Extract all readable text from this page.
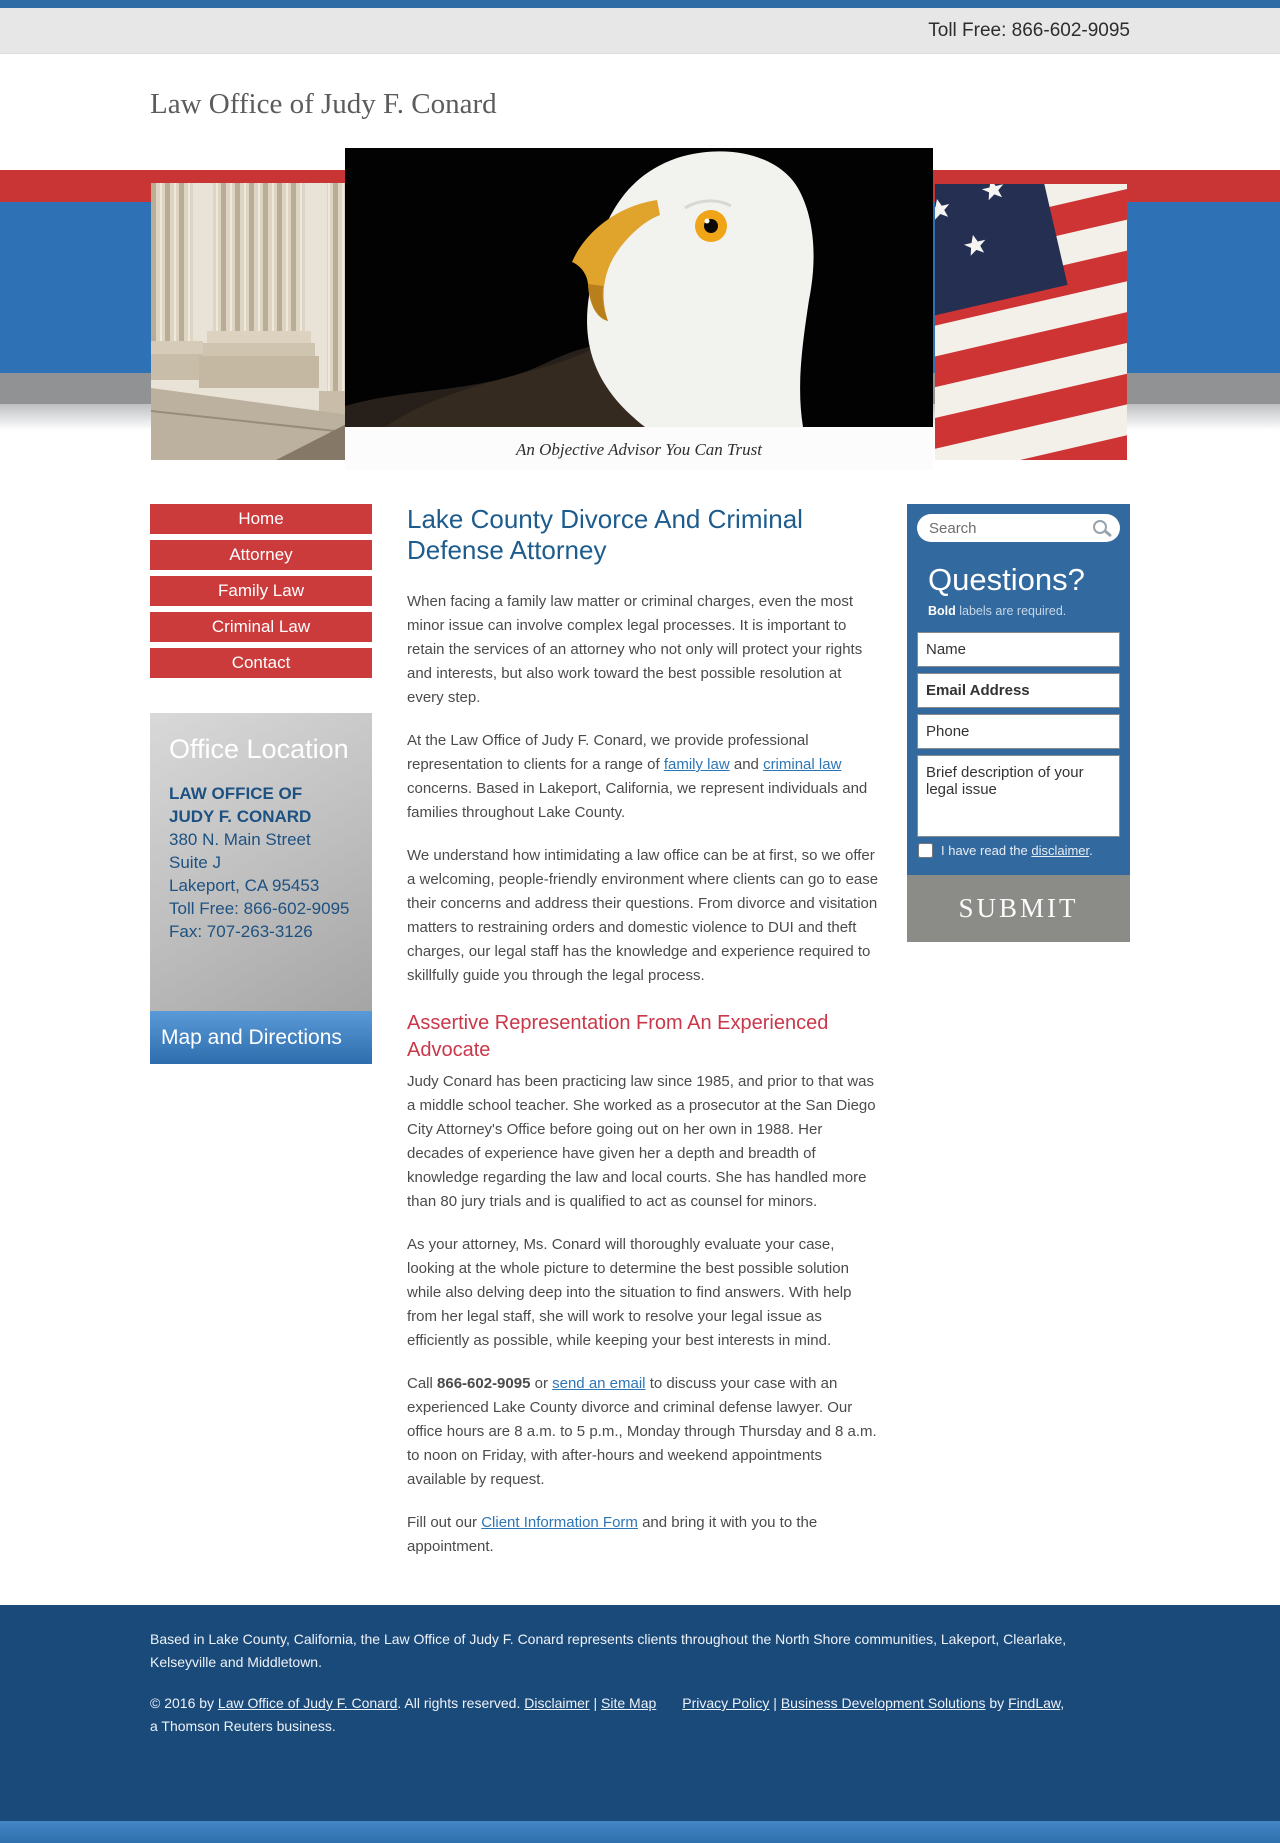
Toll Free: 866-602-9095
Law Office of Judy F. Conard
An Objective Advisor You Can Trust
Home
Attorney
Family Law
Criminal Law
Contact
Office Location
LAW OFFICE OF
JUDY F. CONARD
380 N. Main Street
Suite J
Lakeport, CA 95453
Toll Free: 866-602-9095
Fax: 707-263-3126
Map and Directions
Lake County Divorce And Criminal Defense Attorney

When facing a family law matter or criminal charges, even the most minor issue can involve complex legal processes. It is important to retain the services of an attorney who not only will protect your rights and interests, but also work toward the best possible resolution at every step.

At the Law Office of Judy F. Conard, we provide professional representation to clients for a range of family law and criminal law concerns. Based in Lakeport, California, we represent individuals and families throughout Lake County.

We understand how intimidating a law office can be at first, so we offer a welcoming, people-friendly environment where clients can go to ease their concerns and address their questions. From divorce and visitation matters to restraining orders and domestic violence to DUI and theft charges, our legal staff has the knowledge and experience required to skillfully guide you through the legal process.

Assertive Representation From An Experienced Advocate

Judy Conard has been practicing law since 1985, and prior to that was a middle school teacher. She worked as a prosecutor at the San Diego City Attorney's Office before going out on her own in 1988. Her decades of experience have given her a depth and breadth of knowledge regarding the law and local courts. She has handled more than 80 jury trials and is qualified to act as counsel for minors.

As your attorney, Ms. Conard will thoroughly evaluate your case, looking at the whole picture to determine the best possible solution while also delving deep into the situation to find answers. With help from her legal staff, she will work to resolve your legal issue as efficiently as possible, while keeping your best interests in mind.

Call 866-602-9095 or send an email to discuss your case with an experienced Lake County divorce and criminal defense lawyer. Our office hours are 8 a.m. to 5 p.m., Monday through Thursday and 8 a.m. to noon on Friday, with after-hours and weekend appointments available by request.

Fill out our Client Information Form and bring it with you to the appointment.

Search
Questions?
Bold labels are required.
Name
Email Address
Phone
Brief description of your legal issue
I have read the disclaimer.
SUBMIT
Based in Lake County, California, the Law Office of Judy F. Conard represents clients throughout the North Shore communities, Lakeport, Clearlake, Kelseyville and Middletown.
© 2016 by Law Office of Judy F. Conard. All rights reserved. Disclaimer | Site Map Privacy Policy | Business Development Solutions by FindLaw,
a Thomson Reuters business.
